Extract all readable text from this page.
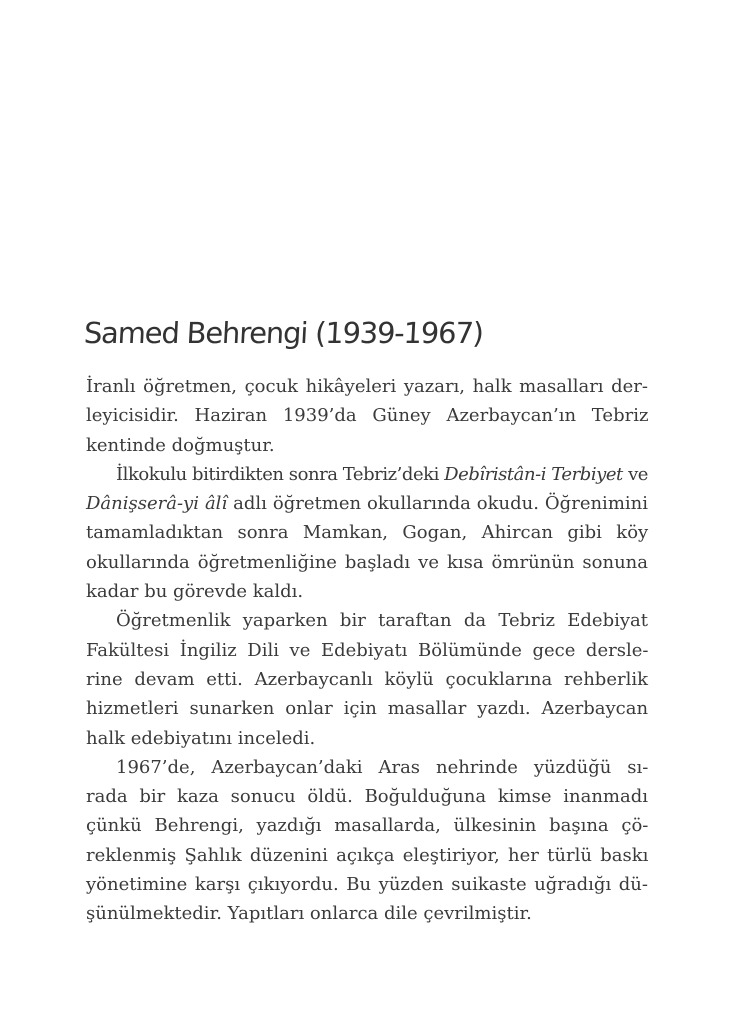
Samed Behrengi (1939-1967)
İranlı öğretmen, çocuk hikâyeleri yazarı, halk masalları der-
leyicisidir. Haziran 1939’da Güney Azerbaycan’ın Tebriz
kentinde doğmuştur.
İlkokulu bitirdikten sonra Tebriz’deki Debîristân-i Terbiyet ve
Dânişserâ-yi âlî adlı öğretmen okullarında okudu. Öğrenimini
tamamladıktan sonra Mamkan, Gogan, Ahircan gibi köy
okullarında öğretmenliğine başladı ve kısa ömrünün sonuna
kadar bu görevde kaldı.
Öğretmenlik yaparken bir taraftan da Tebriz Edebiyat
Fakültesi İngiliz Dili ve Edebiyatı Bölümünde gece dersle-
rine devam etti. Azerbaycanlı köylü çocuklarına rehberlik
hizmetleri sunarken onlar için masallar yazdı. Azerbaycan
halk edebiyatını inceledi.
1967’de, Azerbaycan’daki Aras nehrinde yüzdüğü sı-
rada bir kaza sonucu öldü. Boğulduğuna kimse inanmadı
çünkü Behrengi, yazdığı masallarda, ülkesinin başına çö-
reklenmiş Şahlık düzenini açıkça eleştiriyor, her türlü baskı
yönetimine karşı çıkıyordu. Bu yüzden suikaste uğradığı dü-
şünülmektedir. Yapıtları onlarca dile çevrilmiştir.
